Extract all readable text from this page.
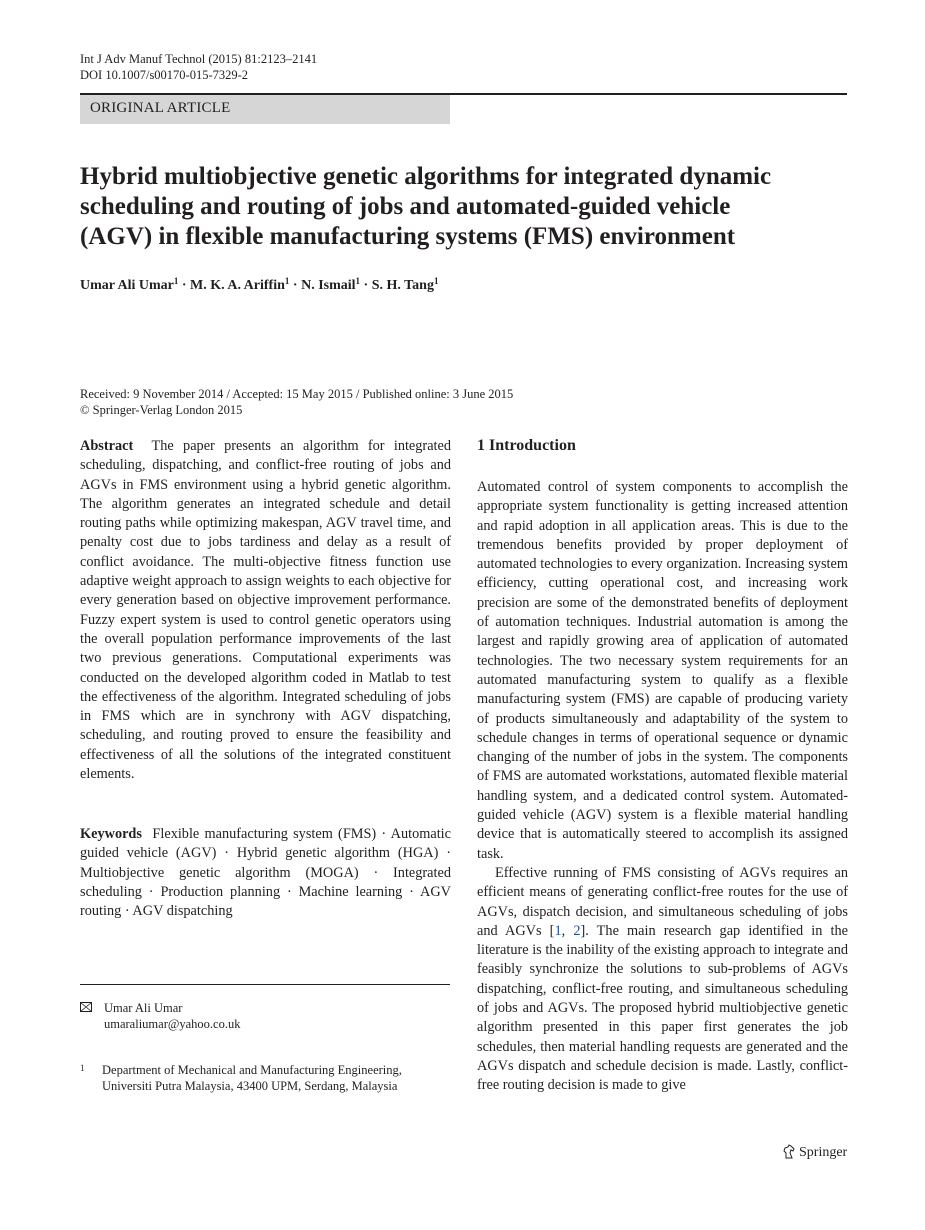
Int J Adv Manuf Technol (2015) 81:2123–2141
DOI 10.1007/s00170-015-7329-2
ORIGINAL ARTICLE
Hybrid multiobjective genetic algorithms for integrated dynamic
scheduling and routing of jobs and automated-guided vehicle
(AGV) in flexible manufacturing systems (FMS) environment
Umar Ali Umar$^1$ · M. K. A. Ariffin$^1$ · N. Ismail$^1$ · S. H. Tang$^1$
Received: 9 November 2014 / Accepted: 15 May 2015 / Published online: 3 June 2015
© Springer-Verlag London 2015
Abstract The paper presents an algorithm for integrated scheduling, dispatching, and conflict-free routing of jobs and AGVs in FMS environment using a hybrid genetic algorithm. The algorithm generates an integrated schedule and detail routing paths while optimizing makespan, AGV travel time, and penalty cost due to jobs tardiness and delay as a result of conflict avoidance. The multi-objective fitness function use adaptive weight approach to assign weights to each objective for every generation based on objective improvement performance. Fuzzy expert system is used to control genetic operators using the overall population performance improvements of the last two previous generations. Computational experiments was conducted on the developed algorithm coded in Matlab to test the effectiveness of the algorithm. Integrated scheduling of jobs in FMS which are in synchrony with AGV dispatching, scheduling, and routing proved to ensure the feasibility and effectiveness of all the solutions of the integrated constituent elements.
Keywords Flexible manufacturing system (FMS) · Automatic guided vehicle (AGV) · Hybrid genetic algorithm (HGA) · Multiobjective genetic algorithm (MOGA) · Integrated scheduling · Production planning · Machine learning · AGV routing · AGV dispatching
Umar Ali Umar
umaraliumar@yahoo.co.uk
1 Department of Mechanical and Manufacturing Engineering,
Universiti Putra Malaysia, 43400 UPM, Serdang, Malaysia
1 Introduction
Automated control of system components to accomplish the appropriate system functionality is getting increased attention and rapid adoption in all application areas. This is due to the tremendous benefits provided by proper deployment of automated technologies to every organization. Increasing system efficiency, cutting operational cost, and increasing work precision are some of the demonstrated benefits of deployment of automation techniques. Industrial automation is among the largest and rapidly growing area of application of automated technologies. The two necessary system requirements for an automated manufacturing system to qualify as a flexible manufacturing system (FMS) are capable of producing variety of products simultaneously and adaptability of the system to schedule changes in terms of operational sequence or dynamic changing of the number of jobs in the system. The components of FMS are automated workstations, automated flexible material handling system, and a dedicated control system. Automated-guided vehicle (AGV) system is a flexible material handling device that is automatically steered to accomplish its assigned task.
Effective running of FMS consisting of AGVs requires an efficient means of generating conflict-free routes for the use of AGVs, dispatch decision, and simultaneous scheduling of jobs and AGVs [1, 2]. The main research gap identified in the literature is the inability of the existing approach to integrate and feasibly synchronize the solutions to sub-problems of AGVs dispatching, conflict-free routing, and simultaneous scheduling of jobs and AGVs. The proposed hybrid multiobjective genetic algorithm presented in this paper first generates the job schedules, then material handling requests are generated and the AGVs dispatch and schedule decision is made. Lastly, conflict-free routing decision is made to give
Springer
